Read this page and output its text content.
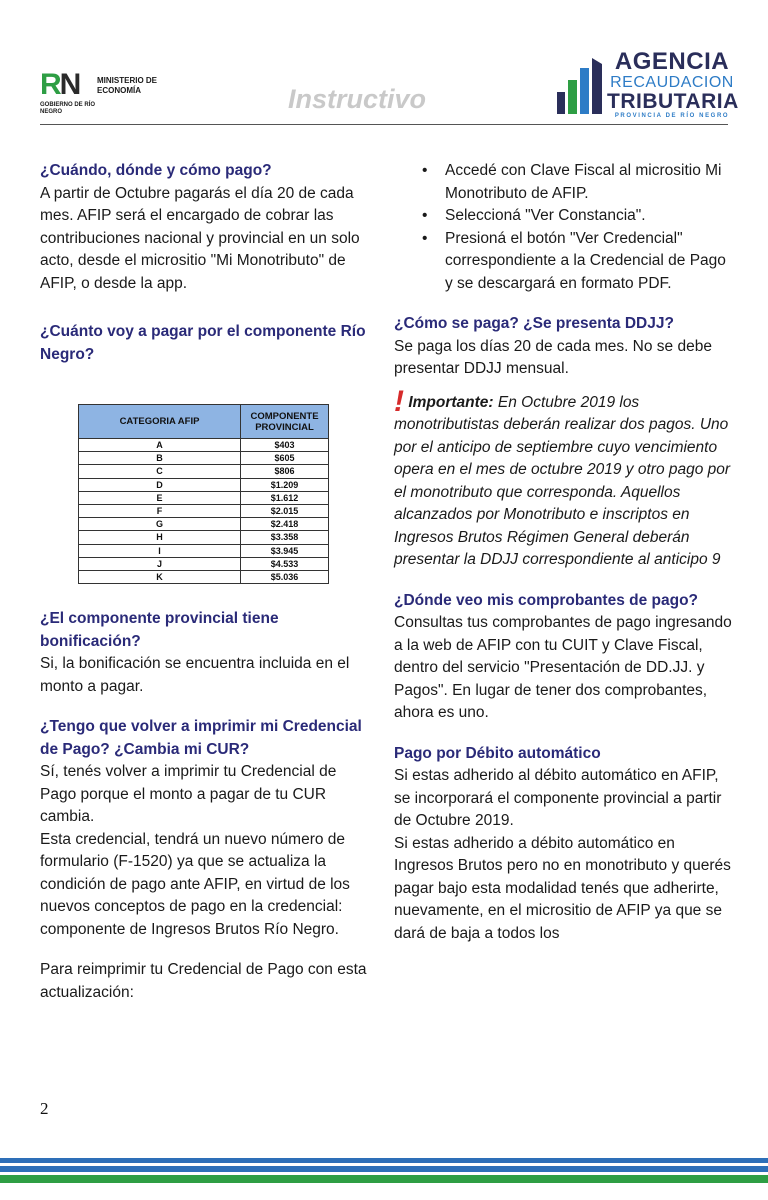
RN MINISTERIO DE ECONOMÍA
GOBIERNO DE RÍO NEGRO	Instructivo
AGENCIA
RECAUDACION
TRIBUTARIA
PROVINCIA DE RÍO NEGRO
¿Cuándo, dónde y cómo pago?

A partir de Octubre pagarás el día 20 de cada mes. AFIP será el encargado de cobrar las contribuciones nacional y provincial en un solo acto, desde el micrositio "Mi Monotributo" de AFIP, o desde la app.

¿Cuánto voy a pagar por el componente Río Negro?
CATEGORIA AFIP	COMPONENTE PROVINCIAL
A	$403
B	$605
C	$806
D	$1.209
E	$1.612
F	$2.015
G	$2.418
H	$3.358
I	$3.945
J	$4.533
K	$5.036
¿El componente provincial tiene bonificación?

Si, la bonificación se encuentra incluida en el monto a pagar.

¿Tengo que volver a imprimir mi Credencial de Pago? ¿Cambia mi CUR?

Sí, tenés volver a imprimir tu Credencial de Pago porque el monto a pagar de tu CUR cambia.

Esta credencial, tendrá un nuevo número de formulario (F-1520) ya que se actualiza la condición de pago ante AFIP, en virtud de los nuevos conceptos de pago en la credencial: componente de Ingresos Brutos Río Negro.

Para reimprimir tu Credencial de Pago con esta actualización:

• Accedé con Clave Fiscal al micrositio Mi Monotributo de AFIP.
• Seleccioná "Ver Constancia".
• Presioná el botón "Ver Credencial" correspondiente a la Credencial de Pago y se descargará en formato PDF.
¿Cómo se paga? ¿Se presenta DDJJ?

Se paga los días 20 de cada mes. No se debe presentar DDJJ mensual.

! Importante: En Octubre 2019 los monotributistas deberán realizar dos pagos. Uno por el anticipo de septiembre cuyo vencimiento opera en el mes de octubre 2019 y otro pago por el monotributo que corresponda. Aquellos alcanzados por Monotributo e inscriptos en Ingresos Brutos Régimen General deberán presentar la DDJJ correspondiente al anticipo 9

¿Dónde veo mis comprobantes de pago?

Consultas tus comprobantes de pago ingresando a la web de AFIP con tu CUIT y Clave Fiscal, dentro del servicio "Presentación de DD.JJ. y Pagos". En lugar de tener dos comprobantes, ahora es uno.

Pago por Débito automático

Si estas adherido al débito automático en AFIP, se incorporará el componente provincial a partir de Octubre 2019.

Si estas adherido a débito automático en Ingresos Brutos pero no en monotributo y querés pagar bajo esta modalidad tenés que adherirte, nuevamente, en el micrositio de AFIP ya que se dará de baja a todos los

2
